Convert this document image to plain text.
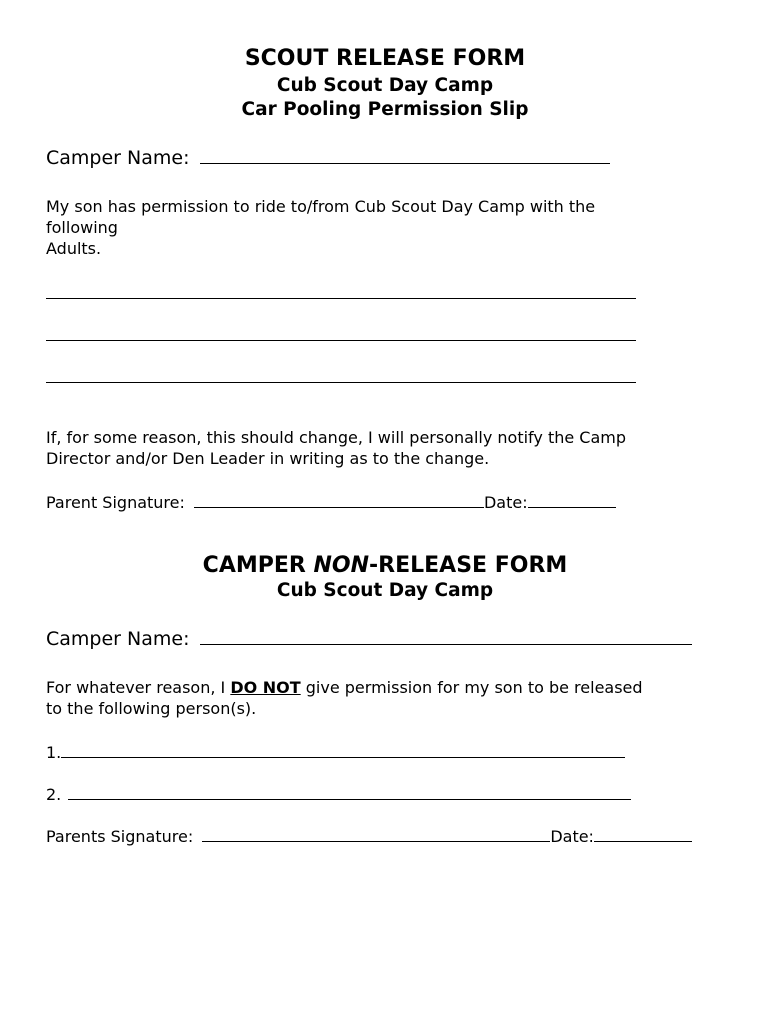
SCOUT RELEASE FORM
Cub Scout Day Camp
Car Pooling Permission Slip
Camper Name:
My son has permission to ride to/from Cub Scout Day Camp with the
following
Adults.
If, for some reason, this should change, I will personally notify the Camp
Director and/or Den Leader in writing as to the change.
Parent Signature:	Date:
CAMPER NON-RELEASE FORM
Cub Scout Day Camp
Camper Name:
For whatever reason, I DO NOT give permission for my son to be released
to the following person(s).
1.
2.
Parents Signature:	Date:
